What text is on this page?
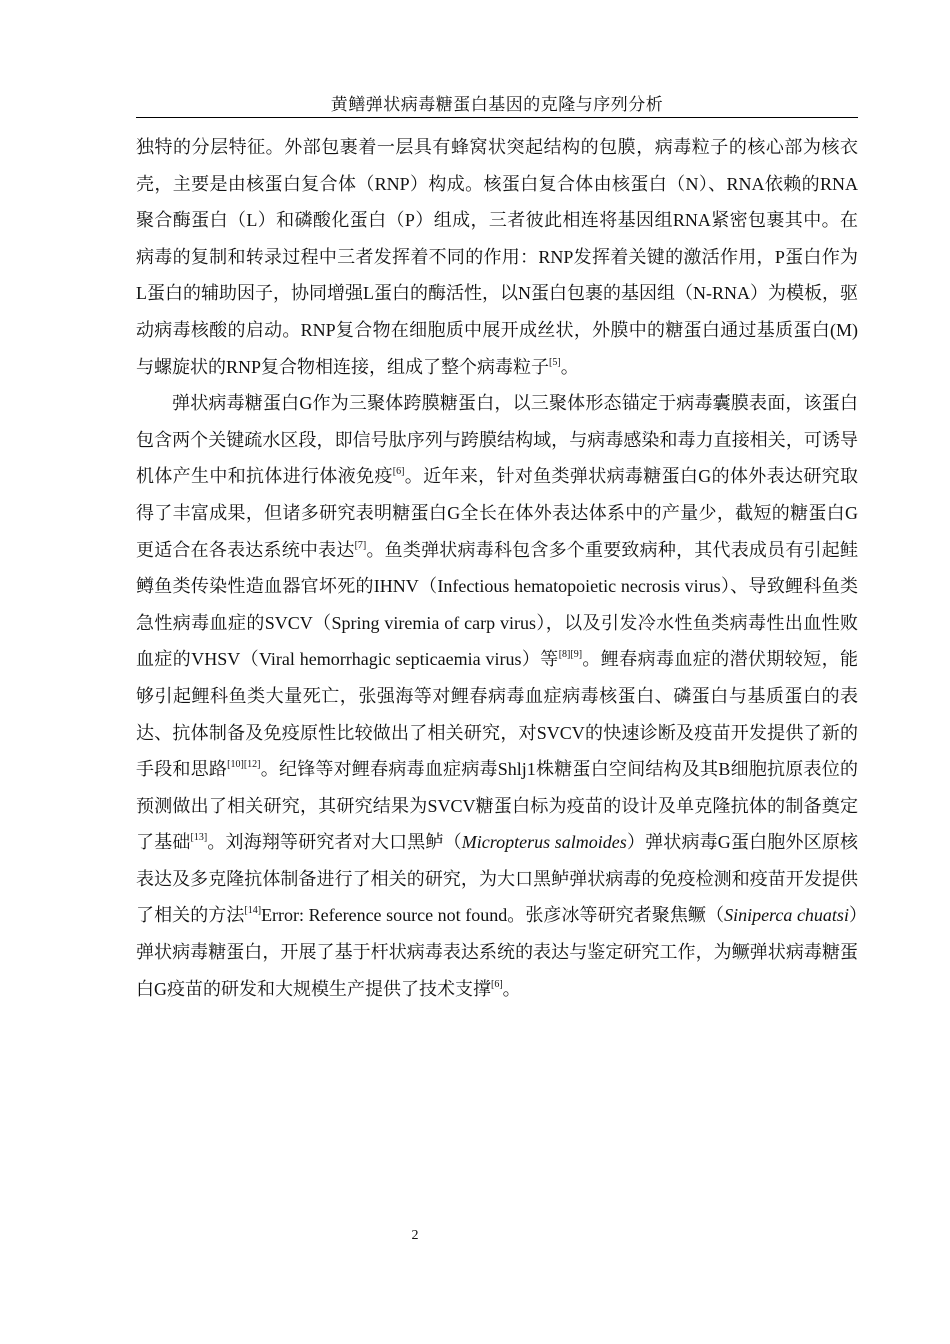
黄鳝弹状病毒糖蛋白基因的克隆与序列分析

独特的分层特征。外部包裹着一层具有蜂窝状突起结构的包膜，病毒粒子的核心部为核衣壳，主要是由核蛋白复合体（RNP）构成。核蛋白复合体由核蛋白（N）、RNA依赖的RNA聚合酶蛋白（L）和磷酸化蛋白（P）组成，三者彼此相连将基因组RNA紧密包裹其中。在病毒的复制和转录过程中三者发挥着不同的作用：RNP发挥着关键的激活作用，P蛋白作为L蛋白的辅助因子，协同增强L蛋白的酶活性，以N蛋白包裹的基因组（N-RNA）为模板，驱动病毒核酸的启动。RNP复合物在细胞质中展开成丝状，外膜中的糖蛋白通过基质蛋白(M)与螺旋状的RNP复合物相连接，组成了整个病毒粒子[5]。

弹状病毒糖蛋白G作为三聚体跨膜糖蛋白，以三聚体形态锚定于病毒囊膜表面，该蛋白包含两个关键疏水区段，即信号肽序列与跨膜结构域，与病毒感染和毒力直接相关，可诱导机体产生中和抗体进行体液免疫[6]。近年来，针对鱼类弹状病毒糖蛋白G的体外表达研究取得了丰富成果，但诸多研究表明糖蛋白G全长在体外表达体系中的产量少，截短的糖蛋白G更适合在各表达系统中表达[7]。鱼类弹状病毒科包含多个重要致病种，其代表成员有引起鲑鳟鱼类传染性造血器官坏死的IHNV（Infectious hematopoietic necrosis virus）、导致鲤科鱼类急性病毒血症的SVCV（Spring viremia of carp virus），以及引发冷水性鱼类病毒性出血性败血症的VHSV（Viral hemorrhagic septicaemia virus）等[8][9]。鲤春病毒血症的潜伏期较短，能够引起鲤科鱼类大量死亡，张强海等对鲤春病毒血症病毒核蛋白、磷蛋白与基质蛋白的表达、抗体制备及免疫原性比较做出了相关研究，对SVCV的快速诊断及疫苗开发提供了新的手段和思路[10][12]。纪锋等对鲤春病毒血症病毒Shlj1株糖蛋白空间结构及其B细胞抗原表位的预测做出了相关研究，其研究结果为SVCV糖蛋白标为疫苗的设计及单克隆抗体的制备奠定了基础[13]。刘海翔等研究者对大口黑鲈（Micropterus salmoides）弹状病毒G蛋白胞外区原核表达及多克隆抗体制备进行了相关的研究，为大口黑鲈弹状病毒的免疫检测和疫苗开发提供了相关的方法[14]Error: Reference source not found。张彦冰等研究者聚焦鳜（Siniperca chuatsi）弹状病毒糖蛋白，开展了基于杆状病毒表达系统的表达与鉴定研究工作，为鳜弹状病毒糖蛋白G疫苗的研发和大规模生产提供了技术支撑[6]。

2
